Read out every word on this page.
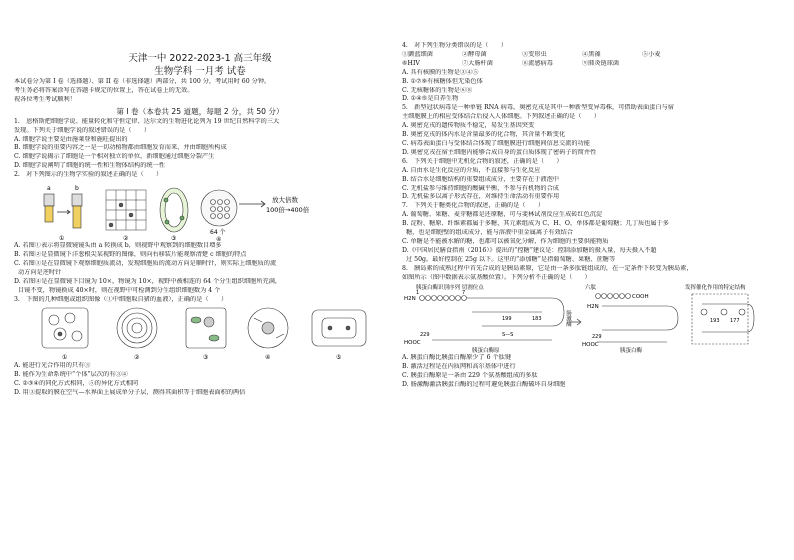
天津一中 2022-2023-1 高三年级
生物学科 一月考 试卷
本试卷分为第 I 卷（选择题）、第 II 卷（非选择题）两部分，共 100 分，考试用时 60 分钟。
考生务必将答案涂写在答题卡规定的位置上，答在试卷上的无效。
祝各位考生考试顺利！
第 I 卷（本卷共 25 道题，每题 2 分，共 50 分）
1.　恩格斯把细胞学说、能量转化和守恒定律、达尔文的生物进化论列为 19 世纪自然科学的三大
发现。下列关于细胞学说的叙述错误的是（　　）
A. 细胞学说主要是由施莱登和施旺提出的
B. 细胞学说的重要内容之一是一切动植物都由细胞发育而来，并由细胞所构成
C. 细胞学说揭示了细胞是一个相对独立的单位，新细胞通过细胞分裂产生
D. 细胞学说阐明了细胞的统一性和生物体结构的统一性
2.　对下列图示的生物学实验的叙述正确的是（　　）
a	b
①	②	③
64 个
④
放大倍数
100倍→400倍
A. 若图①表示将显微镜镜头由 a 转换成 b，则视野中观察到的细胞数目增多
B. 若图②是显微镜下洋葱根尖某视野的图像，则向右移装片能观察清楚 c 细胞的特点
C. 若图③是在显微镜下观察细胞质流动，发现细胞质的流动方向是顺时针，则实际上细胞质的流
动方向是逆时针
D. 若图④是在显微镜下目镜为 10×，物镜为 10×，视野中被相连的 64 个分生组织细胞所充满，
目镜不变，物镜换成 40×时，则在视野中可检测到分生组织细胞数为 4 个
3.　下图的几种细胞或组织图像（①中细胞取自猪的血液），正确的是（　　）
①	②	③	④	⑤
A. 能进行光合作用的只有③
B. 能作为生命系统中“个体”层次的有③④
C. ②③④的同化方式相同，⑤的异化方式相同
D. 用③提取的膜在空气—水界面上展成单分子层，测得其面积等于细胞表面积的两倍
4.　对下列生物分类错误的是（　　）
①颤蓝细菌	②酵母菌	③变形虫	④黑藻	⑤小麦
⑥HIV	⑦大肠杆菌	⑧流感病毒	⑨肺炎链球菌
A. 具有核膜的生物是③④⑤
B. ①⑦⑨有核糖体但无染色体
C. 无核糖体的生物是⑥⑧
D. ①④⑤是自养生物
5.　新型冠状病毒是一种单链 RNA 病毒，奥密克戎是其中一种新型变异毒株，可借助表面蛋白与宿
主细胞膜上的相应受体结合后侵入人体细胞。下列叙述正确的是（　　）
A. 奥密克戎的遗传物质不稳定，易发生基因突变
B. 奥密克戎的体内水是含量最多的化合物，其含量不断变化
C. 病毒表面蛋白与受体结合体现了细胞膜进行细胞间信息交流的功能
D. 奥密克戎在宿主细胞内能够合成自身的蛋白质体现了密码子的简并性
6.　下列关于细胞中无机化合物的叙述，正确的是（　　）
A. 自由水是生化反应的介质，不直接参与生化反应
B. 结合水是细胞结构的重要组成成分，主要存在于液泡中
C. 无机盐参与维持细胞的酸碱平衡，不参与有机物的合成
D. 无机盐多以离子形式存在，对维持生命活动有重要作用
7.　下列关于糖类化合物的叙述，正确的是（　　）
A. 葡萄糖、果糖、麦芽糖都是还原糖，可与斐林试剂反应生成砖红色沉淀
B. 淀粉、糖原、纤维素都属于多糖，其元素组成为 C、H、O，单体都是葡萄糖；几丁质也属于多
糖，也是细胞壁的组成成分，能与溶液中重金属离子有效结合
C. 单糖是不能被水解的糖，也都可以被氧化分解，作为细胞的主要供能物质
D.《中国居民膳食指南（2016）》提出的“控糖”建议是：控制添加糖的摄入量，每天摄入不超
过 50g，最好控制在 25g 以下。这里的“添加糖”是指葡萄糖、果糖、蔗糖等
8.　胰岛素的成熟过程中首先合成的是胰岛素原，它是由一条多肽链组成的，在一定条件下转变为胰岛素，
如图所示（图中数据表示氨基酸位置）。下列分析不正确的是（　　）
胰蛋白酶识别序列 切割位点	六肽	发挥催化作用的特定结构
H2N
1	7
199	183
S—S
229
HOOC
胰蛋白酶原
肠激酶
COOH
H2N
229
HOOC
胰蛋白酶
193 177
A. 胰蛋白酶比胰蛋白酶原少了 6 个肽键
B. 激活过程是在内质网和高尔基体中进行
C. 胰蛋白酶原是一条由 229 个氨基酸组成的多肽
D. 肠激酶激活胰蛋白酶的过程可避免胰蛋白酶破坏自身细胞
